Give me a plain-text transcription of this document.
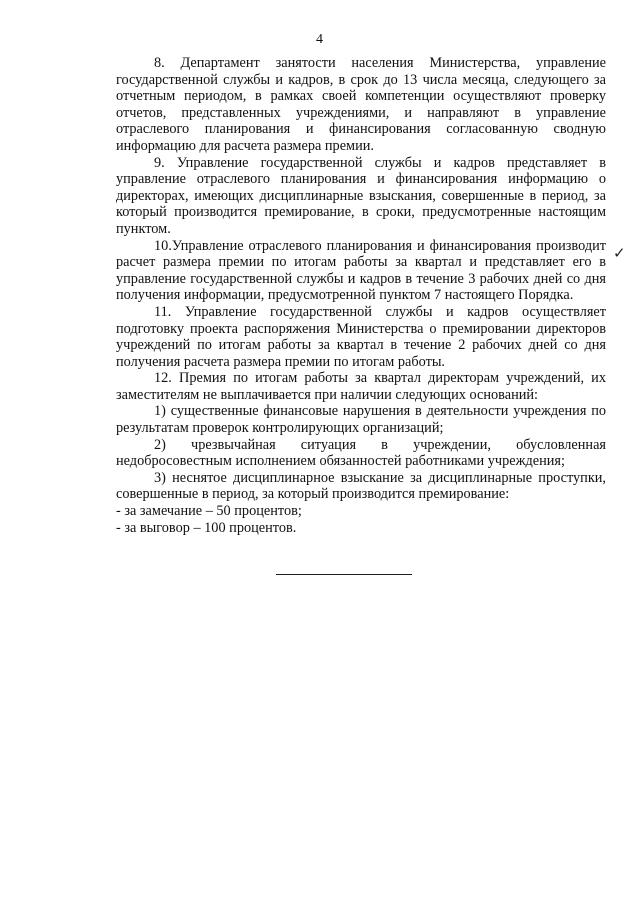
4

8. Департамент занятости населения Министерства, управление государственной службы и кадров, в срок до 13 числа месяца, следующего за отчетным периодом, в рамках своей компетенции осуществляют проверку отчетов, представленных учреждениями, и направляют в управление отраслевого планирования и финансирования согласованную сводную информацию для расчета размера премии.

9. Управление государственной службы и кадров представляет в управление отраслевого планирования и финансирования информацию о директорах, имеющих дисциплинарные взыскания, совершенные в период, за который производится премирование, в сроки, предусмотренные настоящим пунктом.

10.Управление отраслевого планирования и финансирования производит расчет размера премии по итогам работы за квартал и представляет его в управление государственной службы и кадров в течение 3 рабочих дней со дня получения информации, предусмотренной пунктом 7 настоящего Порядка.

11. Управление государственной службы и кадров осуществляет подготовку проекта распоряжения Министерства о премировании директоров учреждений по итогам работы за квартал в течение 2 рабочих дней со дня получения расчета размера премии по итогам работы.

12. Премия по итогам работы за квартал директорам учреждений, их заместителям не выплачивается при наличии следующих оснований:

1) существенные финансовые нарушения в деятельности учреждения по результатам проверок контролирующих организаций;

2) чрезвычайная ситуация в учреждении, обусловленная недобросовестным исполнением обязанностей работниками учреждения;

3) неснятое дисциплинарное взыскание за дисциплинарные проступки, совершенные в период, за который производится премирование:

- за замечание – 50 процентов;

- за выговор – 100 процентов.

✓
